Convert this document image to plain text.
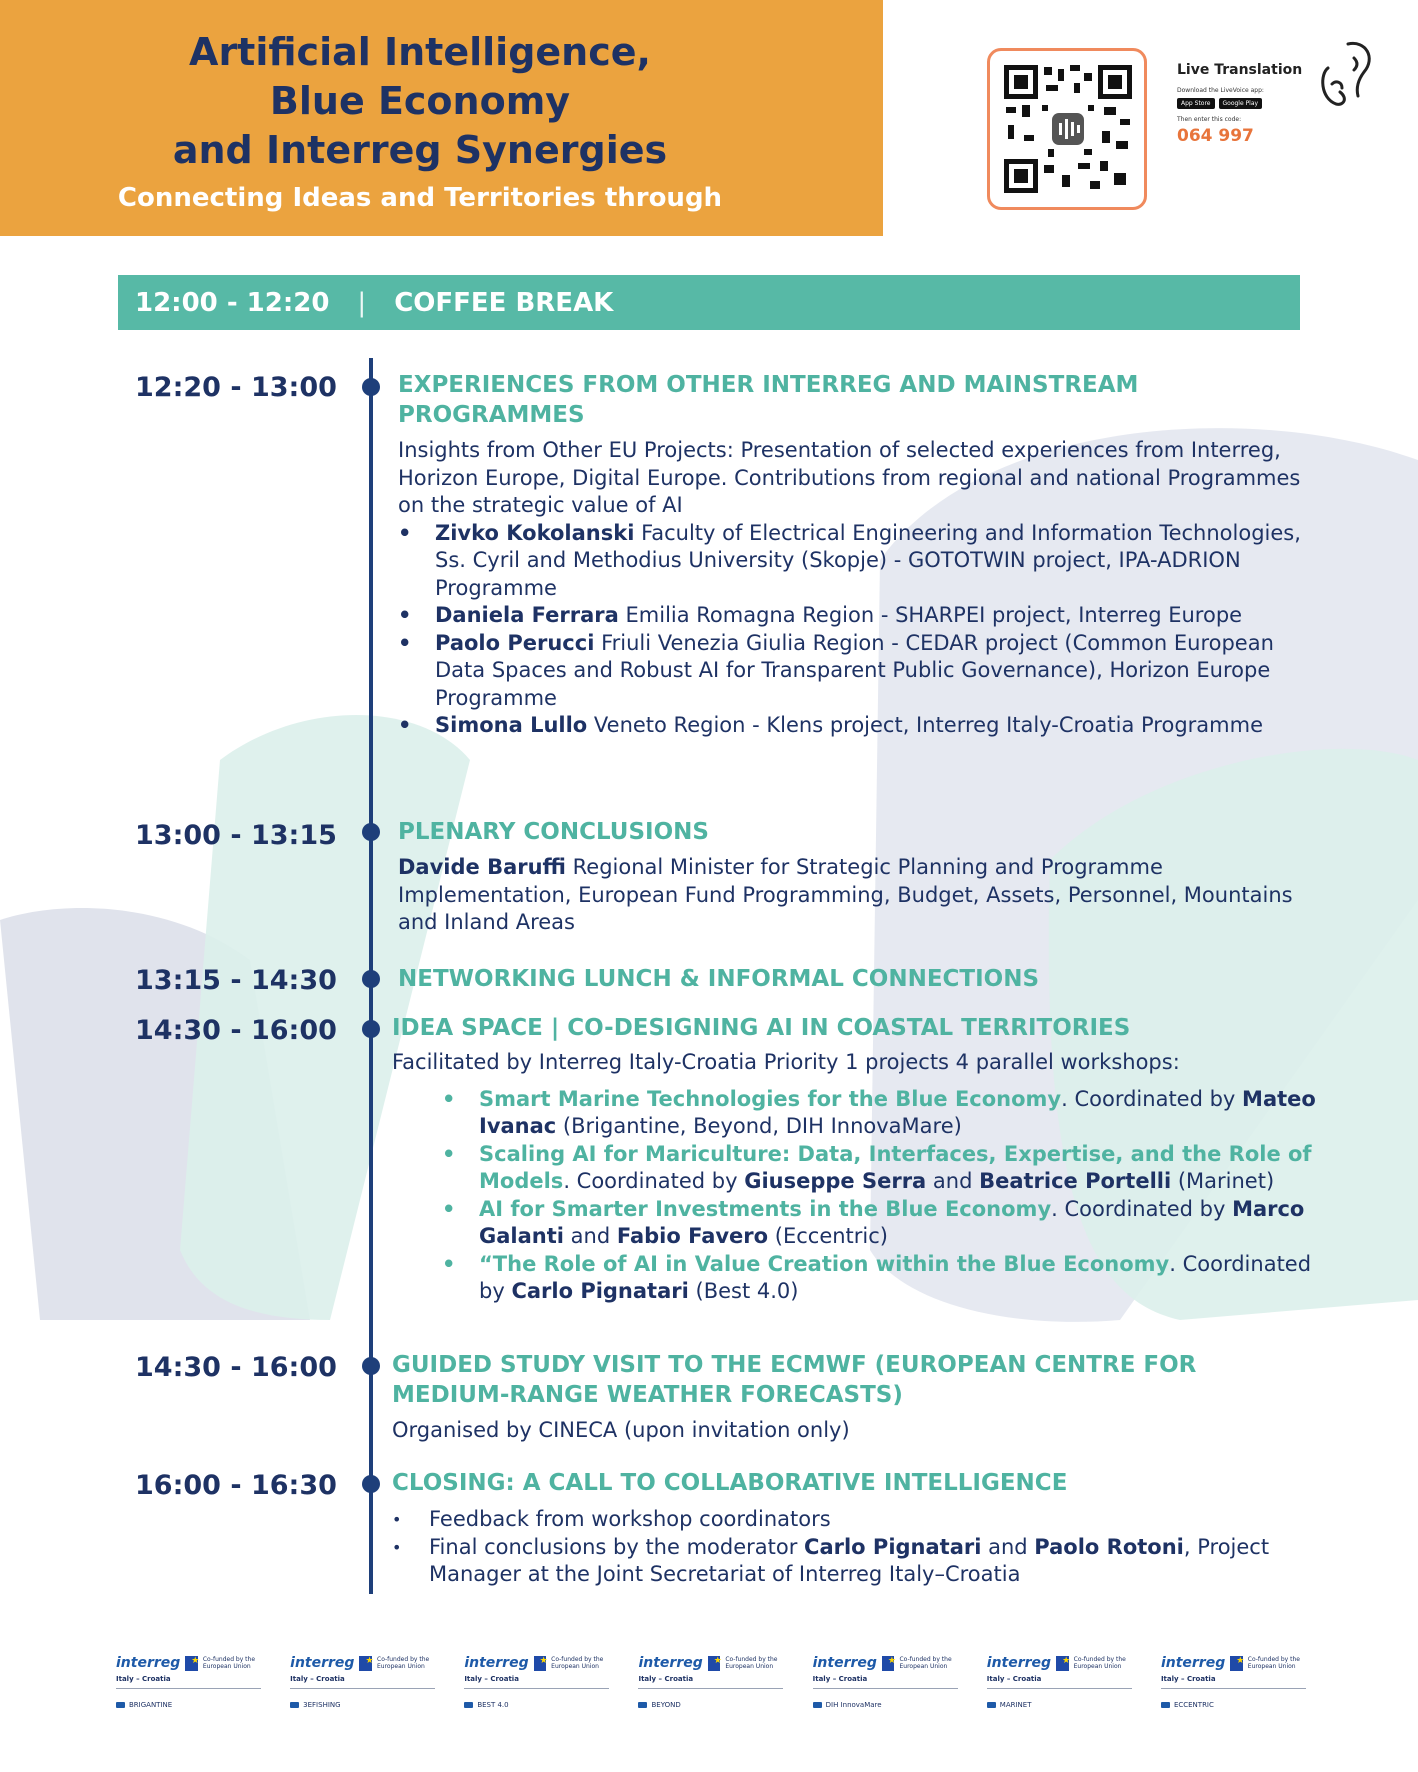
Artificial Intelligence,
Blue Economy
and Interreg Synergies
Connecting Ideas and Territories through
Live Translation
Download the LiveVoice app:
App Store	Google Play
Then enter this code:
064 997
12:00 - 12:20 | COFFEE BREAK
12:20 - 13:00	EXPERIENCES FROM OTHER INTERREG AND MAINSTREAM PROGRAMMES
Insights from Other EU Projects: Presentation of selected experiences from Interreg, Horizon Europe, Digital Europe. Contributions from regional and national Programmes on the strategic value of AI
• Zivko Kokolanski Faculty of Electrical Engineering and Information Technologies, Ss. Cyril and Methodius University (Skopje) - GOTOTWIN project, IPA-ADRION Programme
• Daniela Ferrara Emilia Romagna Region - SHARPEI project, Interreg Europe
• Paolo Perucci Friuli Venezia Giulia Region - CEDAR project (Common European Data Spaces and Robust AI for Transparent Public Governance), Horizon Europe Programme
• Simona Lullo Veneto Region - Klens project, Interreg Italy-Croatia Programme
13:00 - 13:15	PLENARY CONCLUSIONS
Davide Baruffi Regional Minister for Strategic Planning and Programme Implementation, European Fund Programming, Budget, Assets, Personnel, Mountains and Inland Areas
13:15 - 14:30	NETWORKING LUNCH & INFORMAL CONNECTIONS
14:30 - 16:00 IDEA SPACE | CO-DESIGNING AI IN COASTAL TERRITORIES
Facilitated by Interreg Italy-Croatia Priority 1 projects 4 parallel workshops:
• Smart Marine Technologies for the Blue Economy. Coordinated by Mateo Ivanac (Brigantine, Beyond, DIH InnovaMare)
• Scaling AI for Mariculture: Data, Interfaces, Expertise, and the Role of Models. Coordinated by Giuseppe Serra and Beatrice Portelli (Marinet)
• AI for Smarter Investments in the Blue Economy. Coordinated by Marco Galanti and Fabio Favero (Eccentric)
• “The Role of AI in Value Creation within the Blue Economy. Coordinated by Carlo Pignatari (Best 4.0)
14:30 - 16:00 GUIDED STUDY VISIT TO THE ECMWF (EUROPEAN CENTRE FOR MEDIUM-RANGE WEATHER FORECASTS)
Organised by CINECA (upon invitation only)
16:00 - 16:30 CLOSING: A CALL TO COLLABORATIVE INTELLIGENCE
• Feedback from workshop coordinators
• Final conclusions by the moderator Carlo Pignatari and Paolo Rotoni, Project Manager at the Joint Secretariat of Interreg Italy–Croatia
interreg ★	Co-funded by the European Union
Italy – Croatia
BRIGANTINE
interreg ★	Co-funded by the European Union
Italy – Croatia
3EFISHING
interreg ★	Co-funded by the European Union
Italy – Croatia
BEST 4.0
interreg ★	Co-funded by the European Union
Italy – Croatia
BEYOND
interreg ★	Co-funded by the European Union
Italy – Croatia
DIH InnovaMare
interreg ★	Co-funded by the European Union
Italy – Croatia
MARINET
interreg ★	Co-funded by the European Union
Italy – Croatia
ECCENTRIC
